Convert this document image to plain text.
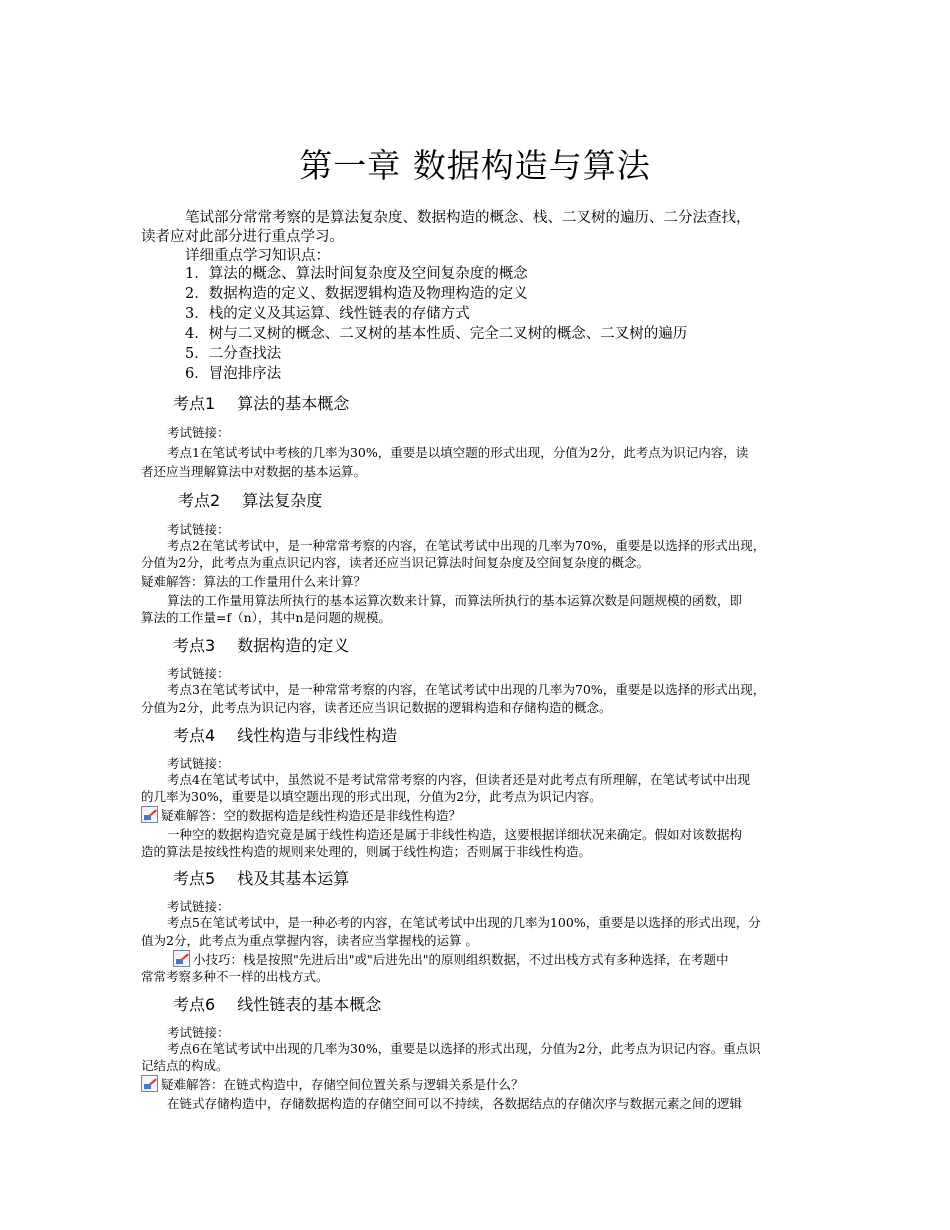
第一章 数据构造与算法
笔试部分常常考察的是算法复杂度、数据构造的概念、栈、二叉树的遍历、二分法查找，
读者应对此部分进行重点学习。
详细重点学习知识点：
1．算法的概念、算法时间复杂度及空间复杂度的概念
2．数据构造的定义、数据逻辑构造及物理构造的定义
3．栈的定义及其运算、线性链表的存储方式
4．树与二叉树的概念、二叉树的基本性质、完全二叉树的概念、二叉树的遍历
5．二分查找法
6．冒泡排序法
考点1 算法的基本概念
考试链接：
考点1在笔试考试中考核的几率为30%，重要是以填空题的形式出现，分值为2分，此考点为识记内容，读
者还应当理解算法中对数据的基本运算。
考点2 算法复杂度
考试链接：
考点2在笔试考试中，是一种常常考察的内容，在笔试考试中出现的几率为70%，重要是以选择的形式出现，
分值为2分，此考点为重点识记内容，读者还应当识记算法时间复杂度及空间复杂度的概念。
疑难解答：算法的工作量用什么来计算？
算法的工作量用算法所执行的基本运算次数来计算，而算法所执行的基本运算次数是问题规模的函数，即
算法的工作量=f（n），其中n是问题的规模。
考点3 数据构造的定义
考试链接：
考点3在笔试考试中，是一种常常考察的内容，在笔试考试中出现的几率为70%，重要是以选择的形式出现，
分值为2分，此考点为识记内容，读者还应当识记数据的逻辑构造和存储构造的概念。
考点4 线性构造与非线性构造
考试链接：
考点4在笔试考试中，虽然说不是考试常常考察的内容，但读者还是对此考点有所理解，在笔试考试中出现
的几率为30%，重要是以填空题出现的形式出现，分值为2分，此考点为识记内容。
疑难解答：空的数据构造是线性构造还是非线性构造？
一种空的数据构造究竟是属于线性构造还是属于非线性构造，这要根据详细状况来确定。假如对该数据构
造的算法是按线性构造的规则来处理的，则属于线性构造；否则属于非线性构造。
考点5 栈及其基本运算
考试链接：
考点5在笔试考试中，是一种必考的内容，在笔试考试中出现的几率为100%，重要是以选择的形式出现，分
值为2分，此考点为重点掌握内容，读者应当掌握栈的运算 。
小技巧：栈是按照"先进后出"或"后进先出"的原则组织数据，不过出栈方式有多种选择，在考题中
常常考察多种不一样的出栈方式。
考点6 线性链表的基本概念
考试链接：
考点6在笔试考试中出现的几率为30%，重要是以选择的形式出现，分值为2分，此考点为识记内容。重点识
记结点的构成。
疑难解答：在链式构造中，存储空间位置关系与逻辑关系是什么？
在链式存储构造中，存储数据构造的存储空间可以不持续，各数据结点的存储次序与数据元素之间的逻辑
